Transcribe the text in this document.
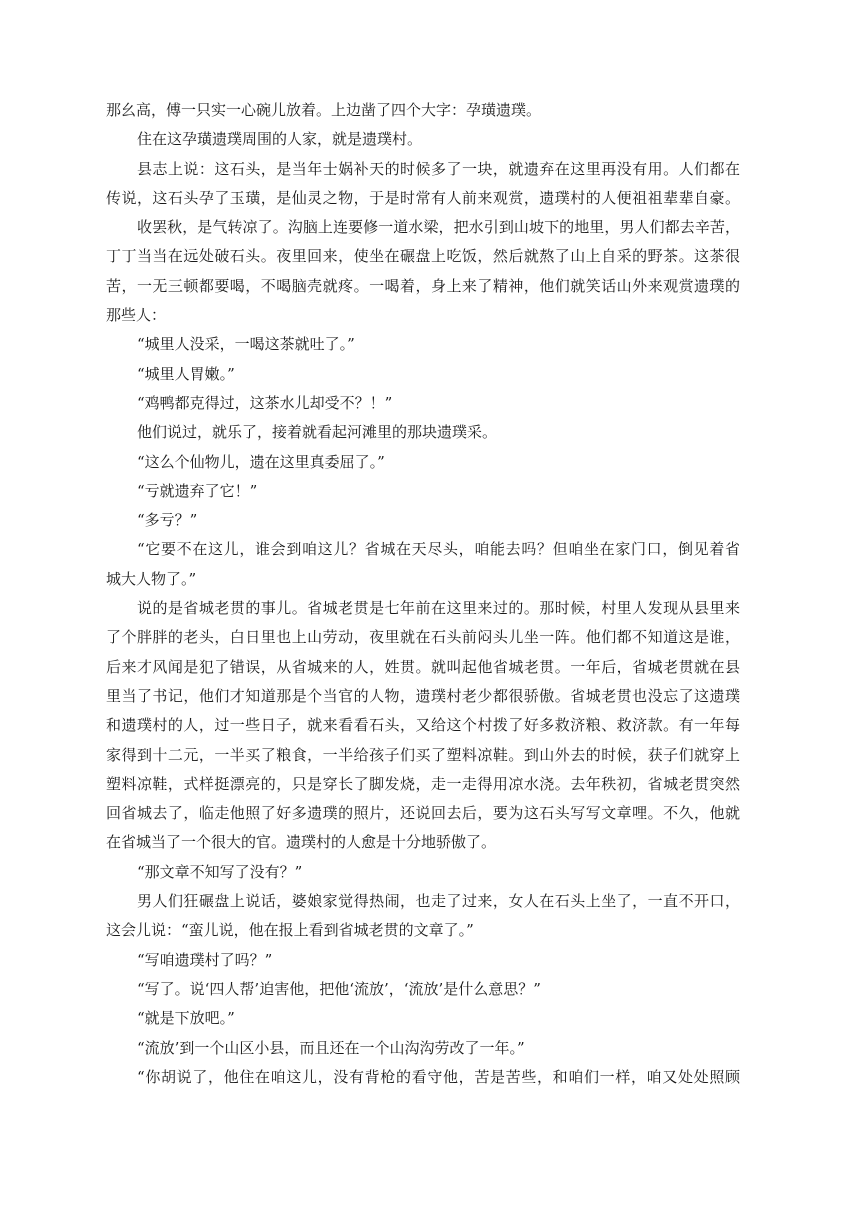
那幺高，傅一只实一心碗儿放着。上边凿了四个大字：孕璜遗璞。
住在这孕璜遗璞周围的人家，就是遗璞村。
县志上说：这石头，是当年士娲补天的时候多了一块，就遗弃在这里再没有用。人们都在
传说，这石头孕了玉璜，是仙灵之物，于是时常有人前来观赏，遗璞村的人便祖祖辈辈自豪。
收罢秋，是气转凉了。沟脑上连要修一道水梁，把水引到山坡下的地里，男人们都去辛苦，
丁丁当当在远处破石头。夜里回来，使坐在碾盘上吃饭，然后就熬了山上自采的野茶。这茶很
苦，一无三顿都要喝，不喝脑壳就疼。一喝着，身上来了精神，他们就笑话山外来观赏遗璞的
那些人：
“城里人没采，一喝这茶就吐了。”
“城里人胃嫩。”
“鸡鸭都克得过，这茶水儿却受不？！”
他们说过，就乐了，接着就看起河滩里的那块遗璞采。
“这么个仙物儿，遗在这里真委屈了。”
“亏就遗弃了它！”
“多亏？”
“它要不在这儿，谁会到咱这儿？省城在天尽头，咱能去吗？但咱坐在家门口，倒见着省
城大人物了。”
说的是省城老贯的事儿。省城老贯是七年前在这里来过的。那时候，村里人发现从县里来
了个胖胖的老头，白日里也上山劳动，夜里就在石头前闷头儿坐一阵。他们都不知道这是谁，
后来才风闻是犯了错误，从省城来的人，姓贯。就叫起他省城老贯。一年后，省城老贯就在县
里当了书记，他们才知道那是个当官的人物，遗璞村老少都很骄傲。省城老贯也没忘了这遗璞
和遗璞村的人，过一些日子，就来看看石头，又给这个村拨了好多救济粮、救济款。有一年每
家得到十二元，一半买了粮食，一半给孩子们买了塑料凉鞋。到山外去的时候，获子们就穿上
塑料凉鞋，式样挺漂亮的，只是穿长了脚发烧，走一走得用凉水浇。去年秩初，省城老贯突然
回省城去了，临走他照了好多遗璞的照片，还说回去后，要为这石头写写文章哩。不久，他就
在省城当了一个很大的官。遗璞村的人愈是十分地骄傲了。
“那文章不知写了没有？”
男人们狂碾盘上说话，婆娘家觉得热闹，也走了过来，女人在石头上坐了，一直不开口，
这会儿说：“蛮儿说，他在报上看到省城老贯的文章了。”
“写咱遗璞村了吗？”
“写了。说‘四人帮’迫害他，把他‘流放’，‘流放’是什么意思？”
“就是下放吧。”
“流放’到一个山区小县，而且还在一个山沟沟劳改了一年。”
“你胡说了，他住在咱这儿，没有背枪的看守他，苦是苦些，和咱们一样，咱又处处照顾
